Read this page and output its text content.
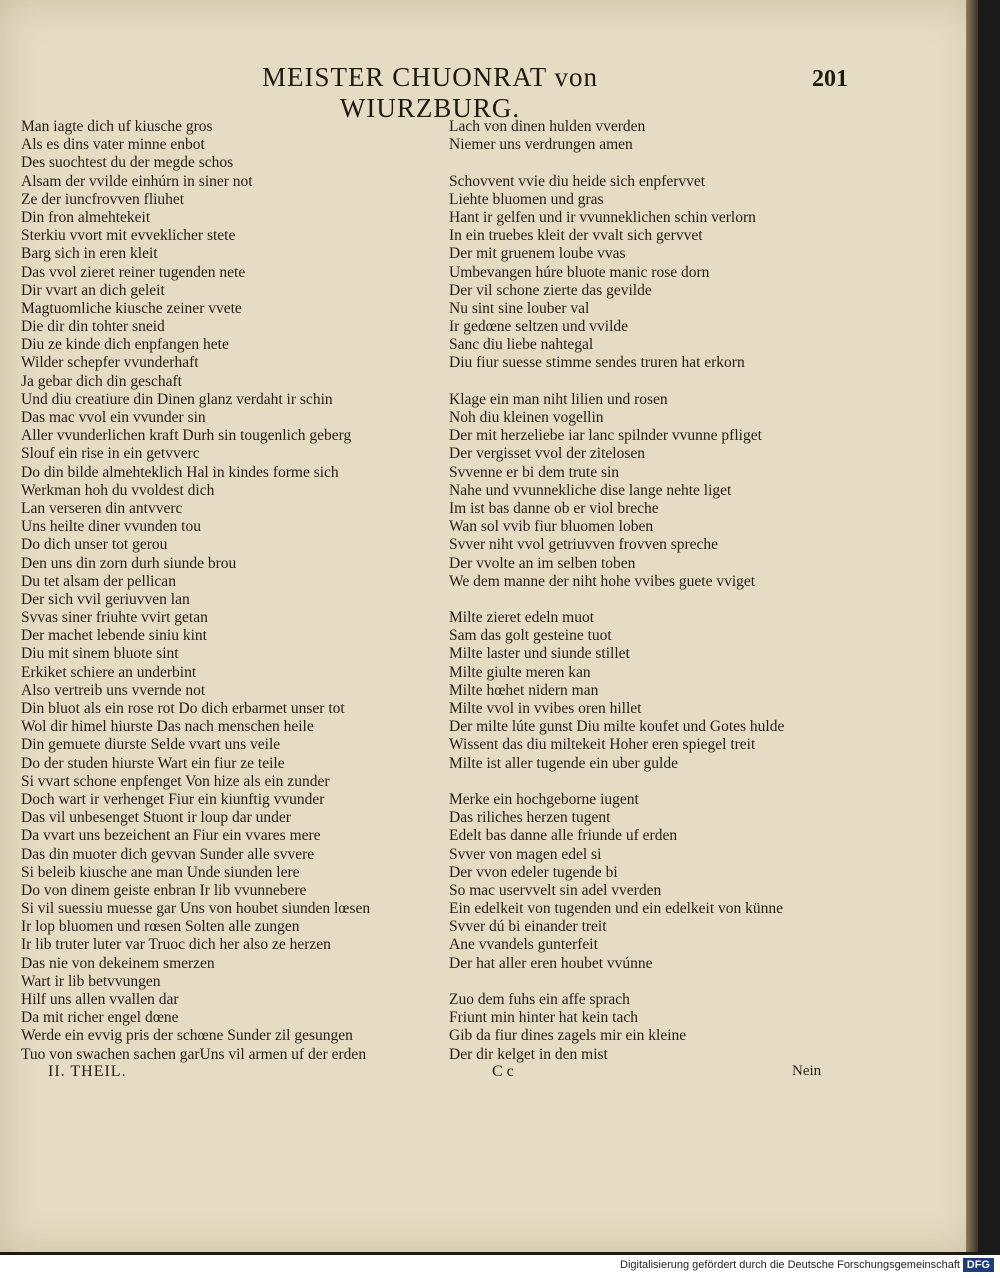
MEISTER CHUONRAT von WIURZBURG.
201
Man iagte dich uf kiusche gros
Als es dins vater minne enbot
Des suochtest du der megde schos
Alsam der vvilde einhúrn in siner not
Ze der iuncfrovven fliuhet
Din fron almehtekeit
Sterkiu vvort mit evveklicher stete
Barg sich in eren kleit
Das vvol zieret reiner tugenden nete
Dir vvart an dich geleit
Magtuomliche kiusche zeiner vvete
Die dir din tohter sneid
Diu ze kinde dich enpfangen hete
Wilder schepfer vvunderhaft
Ja gebar dich din geschaft
Und diu creatiure din Dinen glanz verdaht ir schin
Das mac vvol ein vvunder sin
Aller vvunderlichen kraft Durh sin tougenlich geberg
Slouf ein rise in ein getvverc
Do din bilde almehteklich Hal in kindes forme sich
Werkman hoh du vvoldest dich
Lan verseren din antvverc
Uns heilte diner vvunden tou
Do dich unser tot gerou
Den uns din zorn durh siunde brou
Du tet alsam der pellican
Der sich vvil geriuvven lan
Svvas siner friuhte vvirt getan
Der machet lebende siniu kint
Diu mit sinem bluote sint
Erkiket schiere an underbint
Also vertreib uns vvernde not
Din bluot als ein rose rot Do dich erbarmet unser tot
Wol dir himel hiurste Das nach menschen heile
Din gemuete diurste Selde vvart uns veile
Do der studen hiurste Wart ein fiur ze teile
Si vvart schone enpfenget Von hize als ein zunder
Doch wart ir verhenget Fiur ein kiunftig vvunder
Das vil unbesenget Stuont ir loup dar under
Da vvart uns bezeichent an Fiur ein vvares mere
Das din muoter dich gevvan Sunder alle svvere
Si beleib kiusche ane man Unde siunden lere
Do von dinem geiste enbran Ir lib vvunnebere
Si vil suessiu muesse gar Uns von houbet siunden lœsen
Ir lop bluomen und rœsen Solten alle zungen
Ir lib truter luter var Truoc dich her also ze herzen
Das nie von dekeinem smerzen
Wart ir lib betvvungen
Hilf uns allen vvallen dar
Da mit richer engel dœne
Werde ein evvig pris der schœne Sunder zil gesungen
Tuo von swachen sachen garUns vil armen uf der erden
Lach von dinen hulden vverden
Niemer uns verdrungen amen
Schovvent vvie diu heide sich enpfervvet
Liehte bluomen und gras
Hant ir gelfen und ir vvunneklichen schin verlorn
In ein truebes kleit der vvalt sich gervvet
Der mit gruenem loube vvas
Umbevangen húre bluote manic rose dorn
Der vil schone zierte das gevilde
Nu sint sine louber val
Ir gedœne seltzen und vvilde
Sanc diu liebe nahtegal
Diu fiur suesse stimme sendes truren hat erkorn
Klage ein man niht lilien und rosen
Noh diu kleinen vogellin
Der mit herzeliebe iar lanc spilnder vvunne pfliget
Der vergisset vvol der zitelosen
Svvenne er bi dem trute sin
Nahe und vvunnekliche dise lange nehte liget
Im ist bas danne ob er viol breche
Wan sol vvib fiur bluomen loben
Svver niht vvol getriuvven frovven spreche
Der vvolte an im selben toben
We dem manne der niht hohe vvibes guete vviget
Milte zieret edeln muot
Sam das golt gesteine tuot
Milte laster und siunde stillet
Milte giulte meren kan
Milte hœhet nidern man
Milte vvol in vvibes oren hillet
Der milte lúte gunst Diu milte koufet und Gotes hulde
Wissent das diu miltekeit Hoher eren spiegel treit
Milte ist aller tugende ein uber gulde
Merke ein hochgeborne iugent
Das riliches herzen tugent
Edelt bas danne alle friunde uf erden
Svver von magen edel si
Der vvon edeler tugende bi
So mac uservvelt sin adel vverden
Ein edelkeit von tugenden und ein edelkeit von künne
Svver dú bi einander treit
Ane vvandels gunterfeit
Der hat aller eren houbet vvúnne
Zuo dem fuhs ein affe sprach
Friunt min hinter hat kein tach
Gib da fiur dines zagels mir ein kleine
Der dir kelget in den mist
II. THEIL.	C c	Nein
Digitalisierung gefördert durch die Deutsche Forschungsgemeinschaft DFG
